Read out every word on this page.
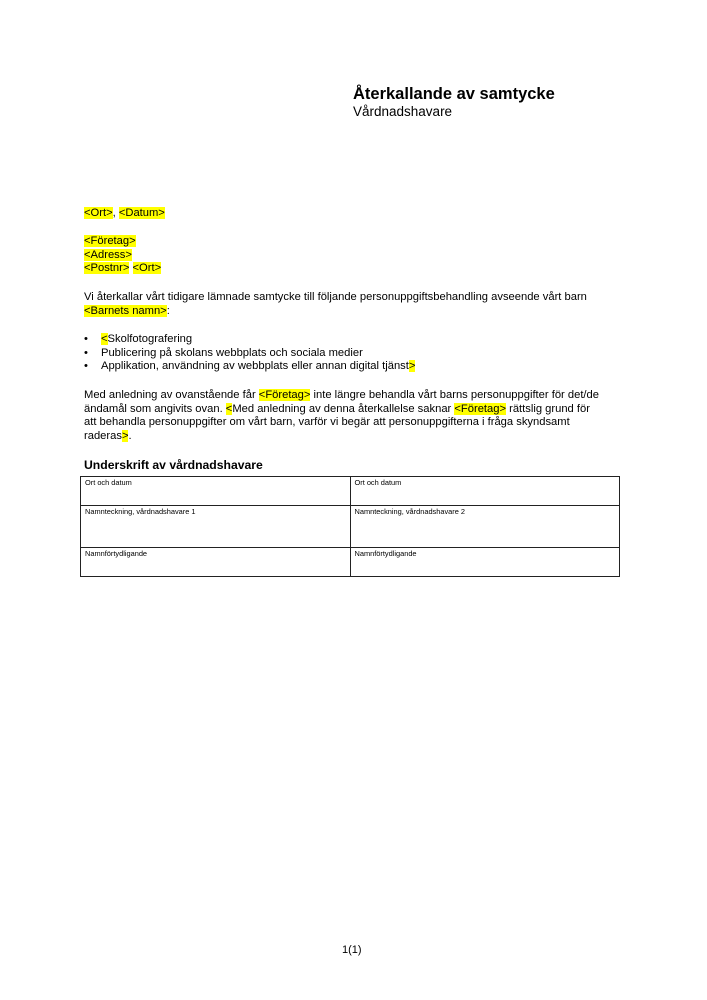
Återkallande av samtycke
Vårdnadshavare
<Ort>, <Datum>
<Företag>
<Adress>
<Postnr> <Ort>
Vi återkallar vårt tidigare lämnade samtycke till följande personuppgiftsbehandling avseende vårt barn
<Barnets namn>:
• <Skolfotografering
• Publicering på skolans webbplats och sociala medier
• Applikation, användning av webbplats eller annan digital tjänst>
Med anledning av ovanstående får <Företag> inte längre behandla vårt barns personuppgifter för det/de ändamål som angivits ovan. <Med anledning av denna återkallelse saknar <Företag> rättslig grund för att behandla personuppgifter om vårt barn, varför vi begär att personuppgifterna i fråga skyndsamt raderas>.
Underskrift av vårdnadshavare
Ort och datum	Ort och datum
Namnteckning, vårdnadshavare 1	Namnteckning, vårdnadshavare 2
Namnförtydligande	Namnförtydligande
1(1)
